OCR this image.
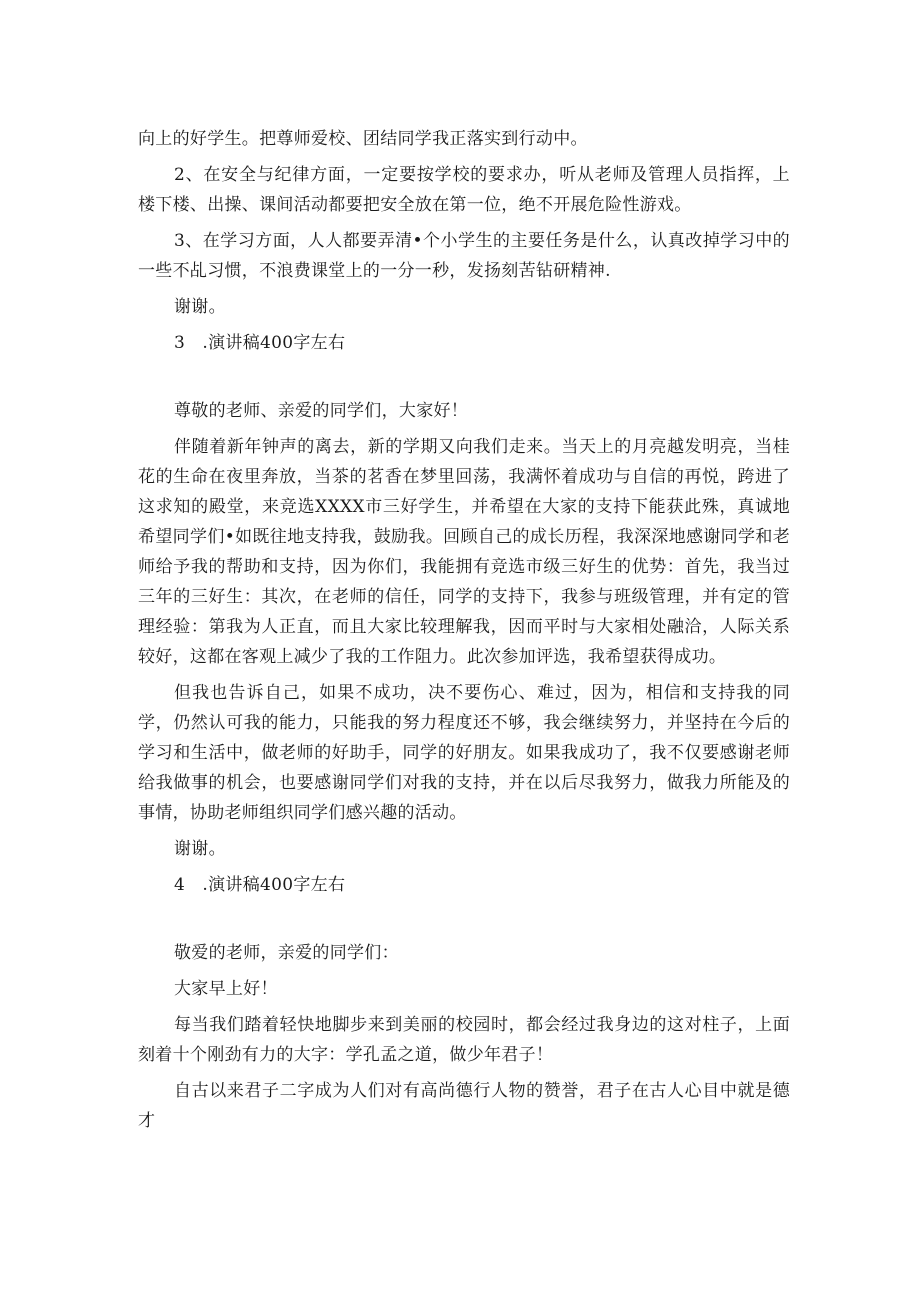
向上的好学生。把尊师爱校、团结同学我正落实到行动中。

2、在安全与纪律方面，一定要按学校的要求办，听从老师及管理人员指挥，上楼下楼、出操、课间活动都要把安全放在第一位，绝不开展危险性游戏。

3、在学习方面，人人都要弄清•个小学生的主要任务是什么，认真改掉学习中的一些不乩习惯，不浪费课堂上的一分一秒，发扬刻苦钻研精神.

谢谢。

3　.演讲稿400字左右

尊敬的老师、亲爱的同学们，大家好！

伴随着新年钟声的离去，新的学期又向我们走来。当天上的月亮越发明亮，当桂花的生命在夜里奔放，当茶的茗香在梦里回荡，我满怀着成功与自信的再悦，跨进了这求知的殿堂，来竞选XXXX市三好学生，并希望在大家的支持下能获此殊，真诚地希望同学们•如既往地支持我，鼓励我。回顾自己的成长历程，我深深地感谢同学和老师给予我的帮助和支持，因为你们，我能拥有竞选市级三好生的优势：首先，我当过三年的三好生：其次，在老师的信任，同学的支持下，我参与班级管理，并有定的管理经验：第我为人正直，而且大家比较理解我，因而平时与大家相处融洽，人际关系较好，这都在客观上减少了我的工作阻力。此次参加评选，我希望获得成功。

但我也告诉自己，如果不成功，决不要伤心、难过，因为，相信和支持我的同学，仍然认可我的能力，只能我的努力程度还不够，我会继续努力，并坚持在今后的学习和生活中，做老师的好助手，同学的好朋友。如果我成功了，我不仅要感谢老师给我做事的机会，也要感谢同学们对我的支持，并在以后尽我努力，做我力所能及的事情，协助老师组织同学们感兴趣的活动。

谢谢。

4　.演讲稿400字左右

敬爱的老师，亲爱的同学们：

大家早上好！

每当我们踏着轻快地脚步来到美丽的校园时，都会经过我身边的这对柱子，上面刻着十个刚劲有力的大字：学孔孟之道，做少年君子！

自古以来君子二字成为人们对有高尚德行人物的赞誉，君子在古人心目中就是德才
